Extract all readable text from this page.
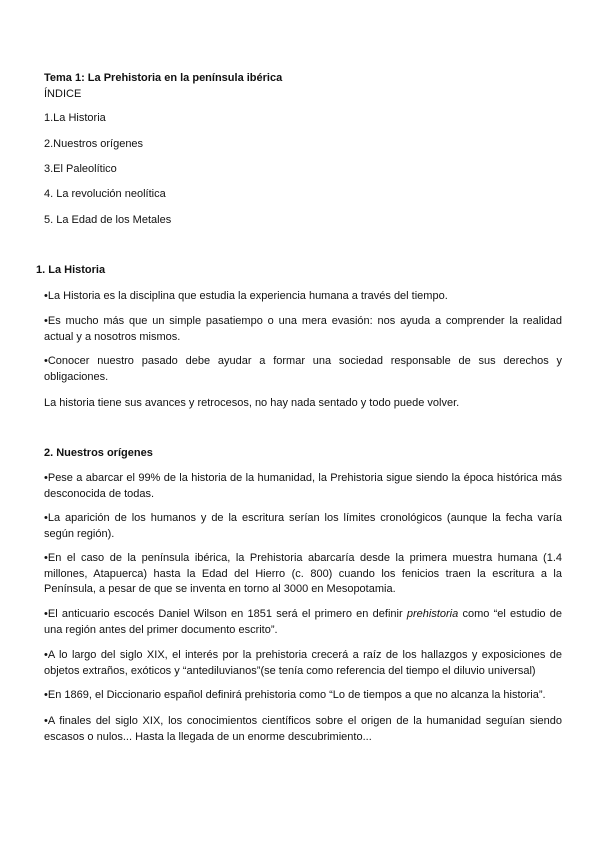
Tema 1: La Prehistoria en la península ibérica
ÍNDICE
1.La Historia
2.Nuestros orígenes
3.El Paleolítico
4. La revolución neolítica
5. La Edad de los Metales
1. La Historia
•La Historia es la disciplina que estudia la experiencia humana a través del tiempo.
•Es mucho más que un simple pasatiempo o una mera evasión: nos ayuda a comprender la realidad actual y a nosotros mismos.
•Conocer nuestro pasado debe ayudar a formar una sociedad responsable de sus derechos y obligaciones.
La historia tiene sus avances y retrocesos, no hay nada sentado y todo puede volver.
2. Nuestros orígenes
•Pese a abarcar el 99% de la historia de la humanidad, la Prehistoria sigue siendo la época histórica más desconocida de todas.
•La aparición de los humanos y de la escritura serían los límites cronológicos (aunque la fecha varía según región).
•En el caso de la península ibérica, la Prehistoria abarcaría desde la primera muestra humana (1.4 millones, Atapuerca) hasta la Edad del Hierro (c. 800) cuando los fenicios traen la escritura a la Península, a pesar de que se inventa en torno al 3000 en Mesopotamia.
•El anticuario escocés Daniel Wilson en 1851 será el primero en definir prehistoria como “el estudio de una región antes del primer documento escrito”.
•A lo largo del siglo XIX, el interés por la prehistoria crecerá a raíz de los hallazgos y exposiciones de objetos extraños, exóticos y “antediluvianos”(se tenía como referencia del tiempo el diluvio universal)
•En 1869, el Diccionario español definirá prehistoria como “Lo de tiempos a que no alcanza la historia”.
•A finales del siglo XIX, los conocimientos científicos sobre el origen de la humanidad seguían siendo escasos o nulos... Hasta la llegada de un enorme descubrimiento...
